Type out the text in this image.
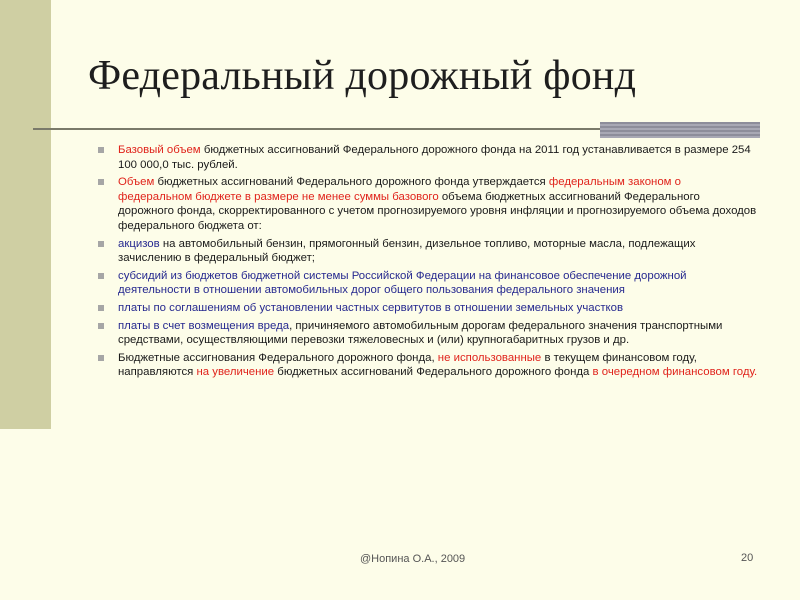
Федеральный дорожный фонд
Базовый объем бюджетных ассигнований Федерального дорожного фонда на 2011 год устанавливается в размере 254 100 000,0 тыс. рублей.
Объем бюджетных ассигнований Федерального дорожного фонда утверждается федеральным законом о федеральном бюджете в размере не менее суммы базового объема бюджетных ассигнований Федерального дорожного фонда, скорректированного с учетом прогнозируемого уровня инфляции и прогнозируемого объема доходов федерального бюджета от:
акцизов на автомобильный бензин, прямогонный бензин, дизельное топливо, моторные масла, подлежащих зачислению в федеральный бюджет;
субсидий из бюджетов бюджетной системы Российской Федерации на финансовое обеспечение дорожной деятельности в отношении автомобильных дорог общего пользования федерального значения
платы по соглашениям об установлении частных сервитутов в отношении земельных участков
платы в счет возмещения вреда, причиняемого автомобильным дорогам федерального значения транспортными средствами, осуществляющими перевозки тяжеловесных и (или) крупногабаритных грузов и др.
Бюджетные ассигнования Федерального дорожного фонда, не использованные в текущем финансовом году, направляются на увеличение бюджетных ассигнований Федерального дорожного фонда в очередном финансовом году.
@Нопина О.А., 2009	20
